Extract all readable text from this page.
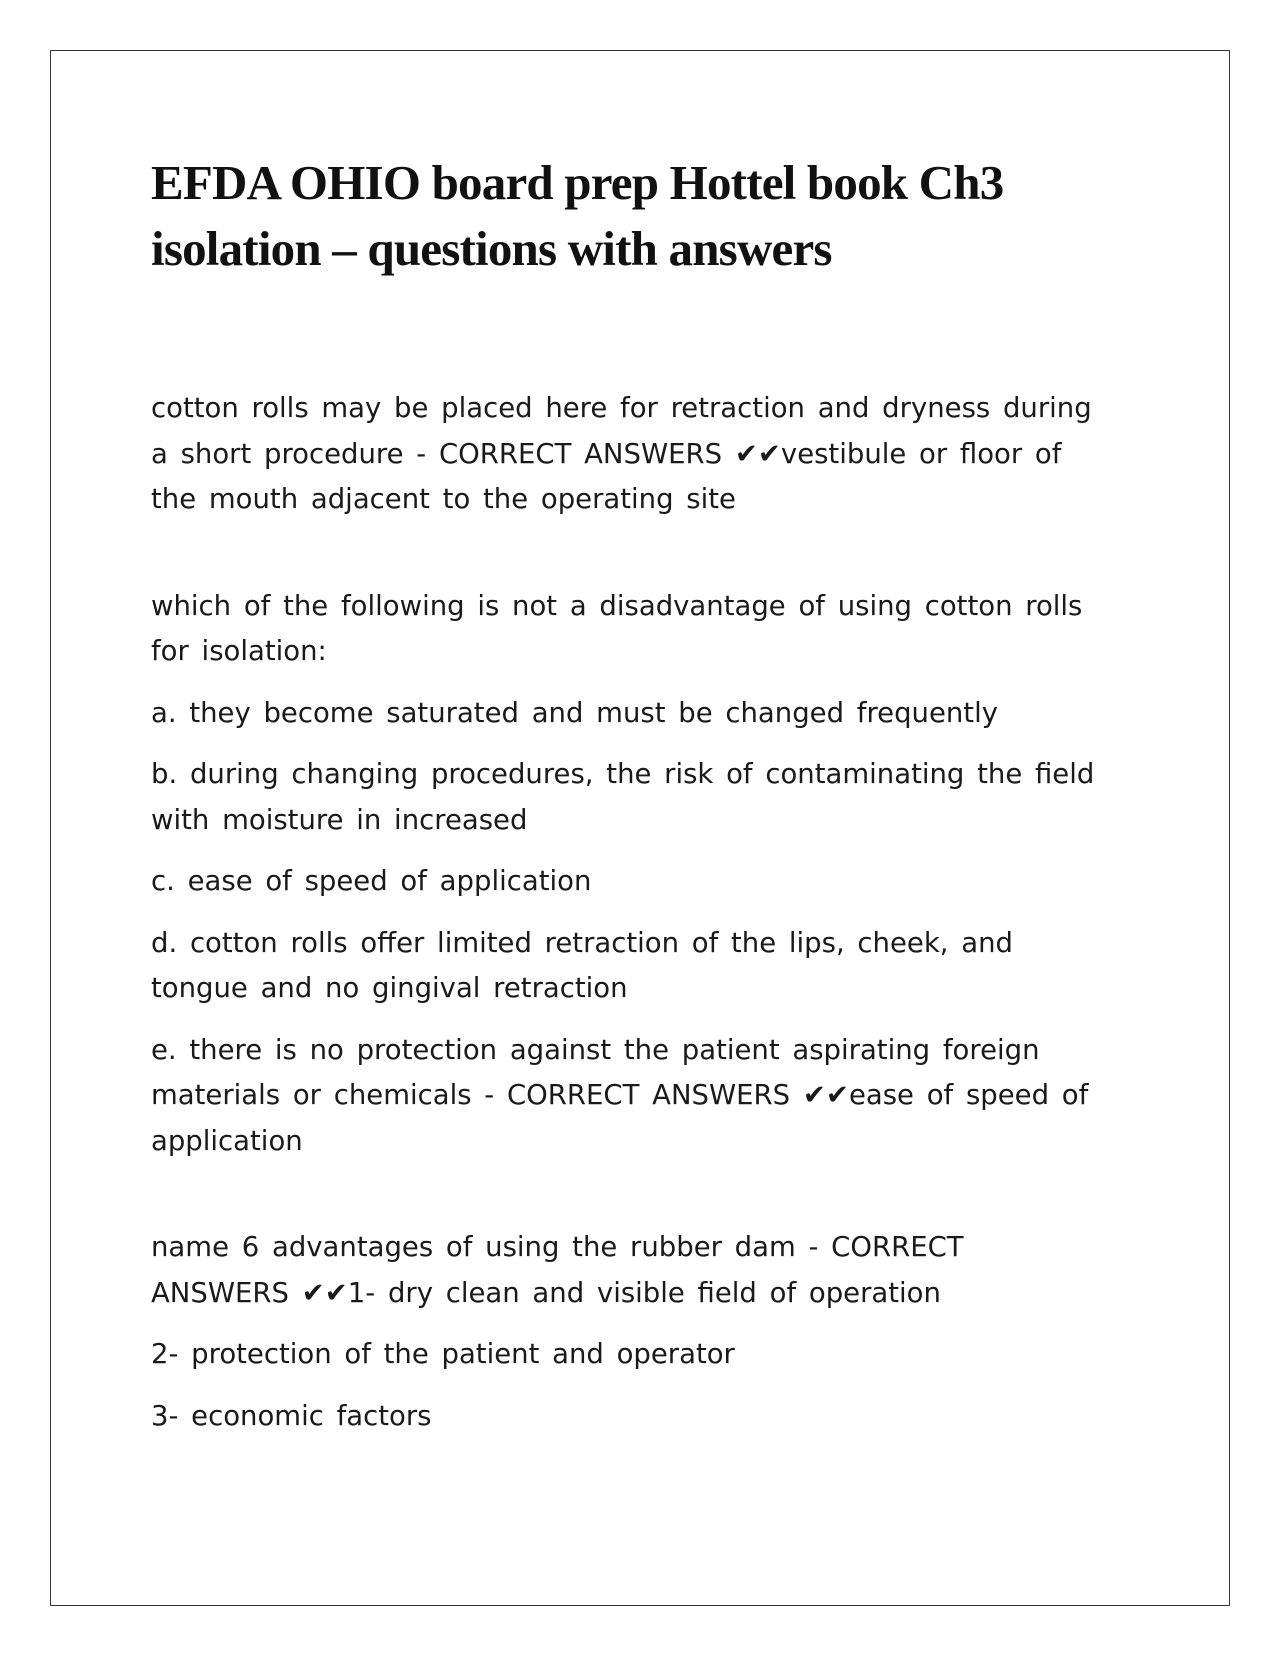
EFDA OHIO board prep Hottel book Ch3
isolation – questions with answers

cotton rolls may be placed here for retraction and dryness during a short procedure - CORRECT ANSWERS ✔✔vestibule or floor of the mouth adjacent to the operating site

which of the following is not a disadvantage of using cotton rolls for isolation:

a. they become saturated and must be changed frequently

b. during changing procedures, the risk of contaminating the field with moisture in increased

c. ease of speed of application

d. cotton rolls offer limited retraction of the lips, cheek, and tongue and no gingival retraction

e. there is no protection against the patient aspirating foreign materials or chemicals - CORRECT ANSWERS ✔✔ease of speed of application

name 6 advantages of using the rubber dam - CORRECT ANSWERS ✔✔1- dry clean and visible field of operation

2- protection of the patient and operator

3- economic factors
